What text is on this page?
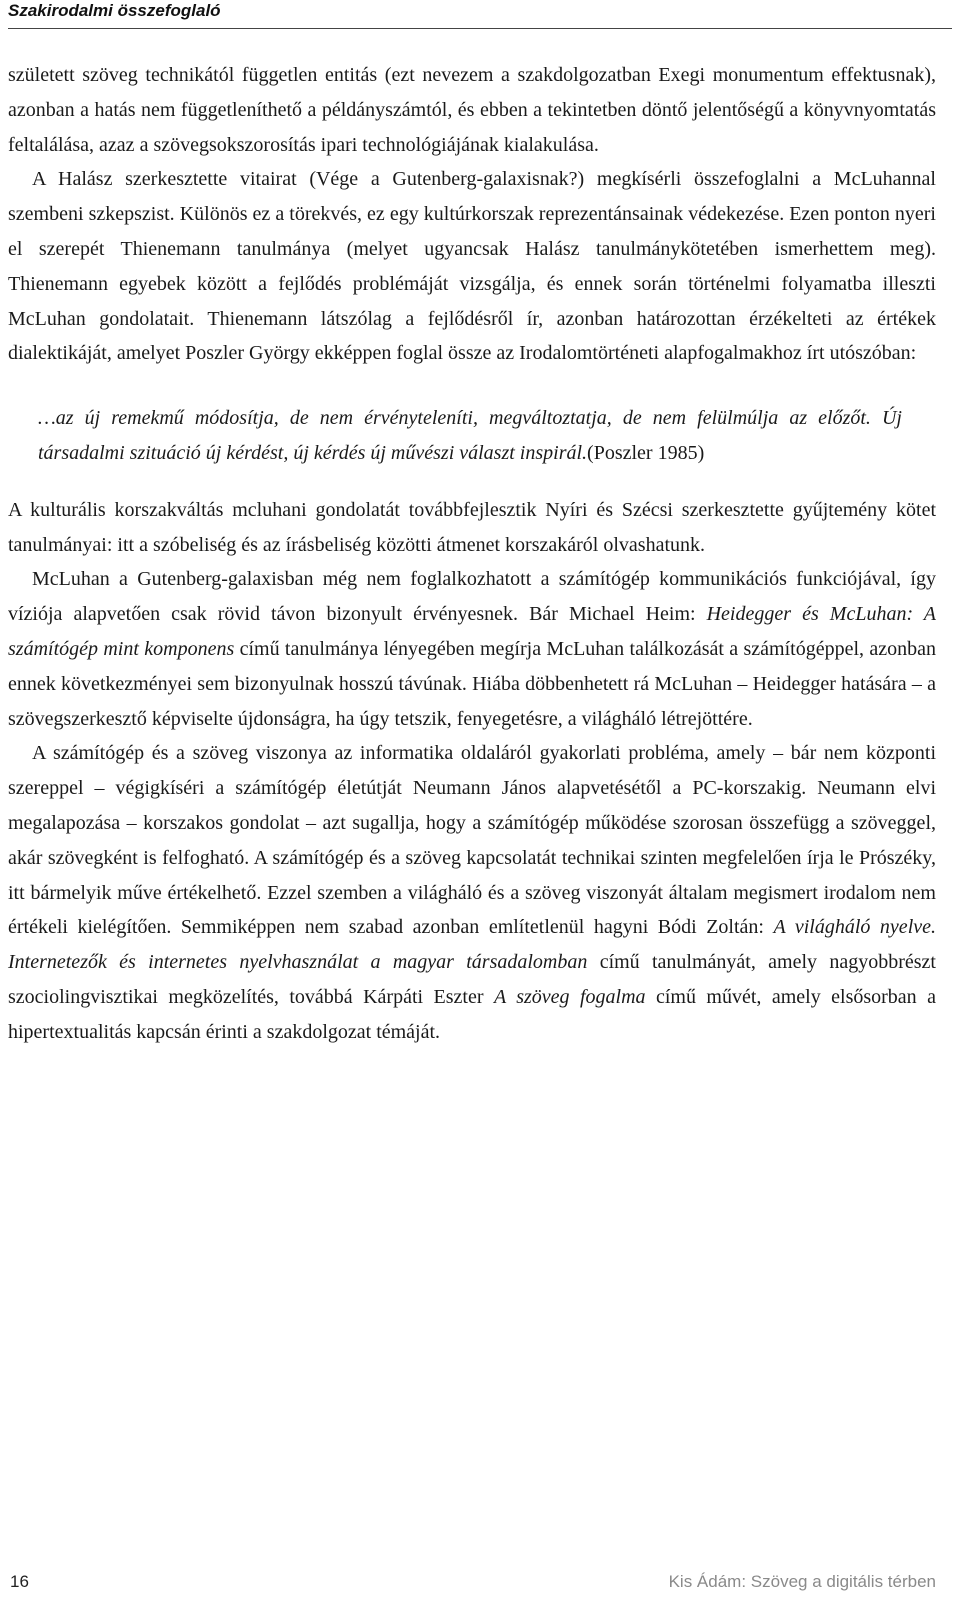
Szakirodalmi összefoglaló

született szöveg technikától független entitás (ezt nevezem a szakdolgozatban Exegi monumentum effektusnak), azonban a hatás nem függetleníthető a példányszámtól, és ebben a tekintetben döntő jelentőségű a könyvnyomtatás feltalálása, azaz a szövegsokszorosítás ipari technológiájának kialakulása.

A Halász szerkesztette vitairat (Vége a Gutenberg-galaxisnak?) megkísérli összefoglalni a McLuhannal szembeni szkepszist. Különös ez a törekvés, ez egy kultúrkorszak reprezentánsainak védekezése. Ezen ponton nyeri el szerepét Thienemann tanulmánya (melyet ugyancsak Halász tanulmánykötetében ismerhettem meg). Thienemann egyebek között a fejlődés problémáját vizsgálja, és ennek során történelmi folyamatba illeszti McLuhan gondolatait. Thienemann látszólag a fejlődésről ír, azonban határozottan érzékelteti az értékek dialektikáját, amelyet Poszler György ekképpen foglal össze az Irodalomtörténeti alapfogalmakhoz írt utószóban:

…az új remekmű módosítja, de nem érvényteleníti, megváltoztatja, de nem felülmúlja az előzőt. Új társadalmi szituáció új kérdést, új kérdés új művészi választ inspirál.(Poszler 1985)

A kulturális korszakváltás mcluhani gondolatát továbbfejlesztik Nyíri és Szécsi szerkesztette gyűjtemény kötet tanulmányai: itt a szóbeliség és az írásbeliség közötti átmenet korszakáról olvashatunk.

McLuhan a Gutenberg-galaxisban még nem foglalkozhatott a számítógép kommunikációs funkciójával, így víziója alapvetően csak rövid távon bizonyult érvényesnek. Bár Michael Heim: Heidegger és McLuhan: A számítógép mint komponens című tanulmánya lényegében megírja McLuhan találkozását a számítógéppel, azonban ennek következményei sem bizonyulnak hosszú távúnak. Hiába döbbenhetett rá McLuhan – Heidegger hatására – a szövegszerkesztő képviselte újdonságra, ha úgy tetszik, fenyegetésre, a világháló létrejöttére.

A számítógép és a szöveg viszonya az informatika oldaláról gyakorlati probléma, amely – bár nem központi szereppel – végigkíséri a számítógép életútját Neumann János alapvetésétől a PC-korszakig. Neumann elvi megalapozása – korszakos gondolat – azt sugallja, hogy a számítógép működése szorosan összefügg a szöveggel, akár szövegként is felfogható. A számítógép és a szöveg kapcsolatát technikai szinten megfelelően írja le Prószéky, itt bármelyik műve értékelhető. Ezzel szemben a világháló és a szöveg viszonyát általam megismert irodalom nem értékeli kielégítően. Semmiképpen nem szabad azonban említetlenül hagyni Bódi Zoltán: A világháló nyelve. Internetezők és internetes nyelvhasználat a magyar társadalomban című tanulmányát, amely nagyobbrészt szociolingvisztikai megközelítés, továbbá Kárpáti Eszter A szöveg fogalma című művét, amely elsősorban a hipertextualitás kapcsán érinti a szakdolgozat témáját.

16	Kis Ádám: Szöveg a digitális térben
